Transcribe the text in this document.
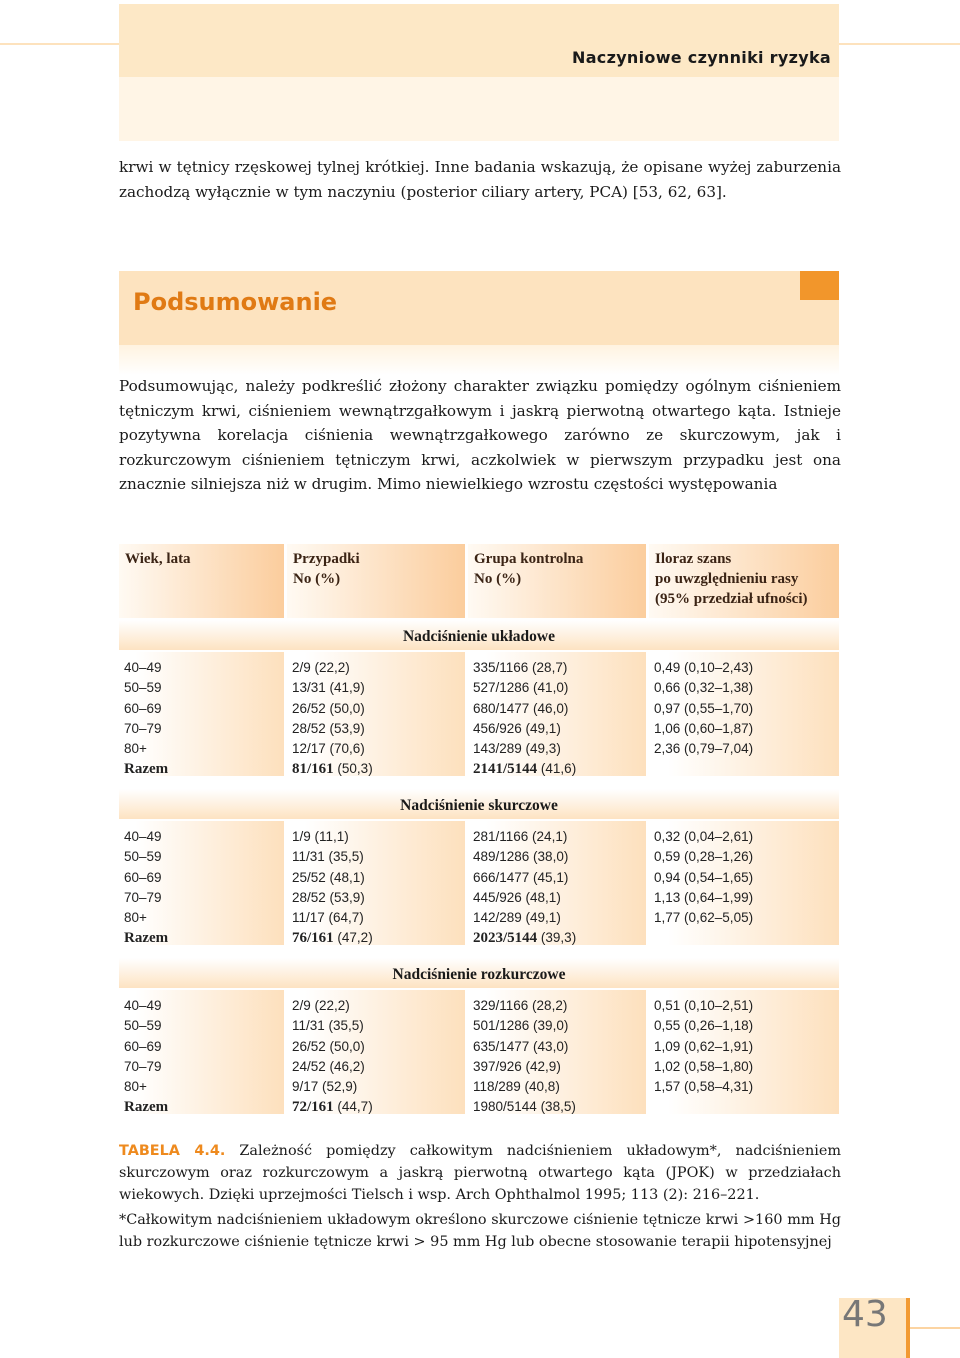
Naczyniowe czynniki ryzyka
krwi w tętnicy rzęskowej tylnej krótkiej. Inne badania wskazują, że opisane wyżej zaburzenia zachodzą wyłącznie w tym naczyniu (posterior ciliary artery, PCA) [53, 62, 63].
Podsumowanie
Podsumowując, należy podkreślić złożony charakter związku pomiędzy ogólnym ciśnieniem tętniczym krwi, ciśnieniem wewnątrzgałkowym i jaskrą pierwotną otwartego kąta. Istnieje pozytywna korelacja ciśnienia wewnątrzgałkowego zarówno ze skurczowym, jak i rozkurczowym ciśnieniem tętniczym krwi, aczkolwiek w pierwszym przypadku jest ona znacznie silniejsza niż w drugim. Mimo niewielkiego wzrostu częstości występowania
Wiek, lata	Przypadki
No (%)
Grupa kontrolna
No (%)
Iloraz szans
po uwzględnieniu rasy
(95% przedział ufności)
Nadciśnienie układowe
40–49
50–59
60–69
70–79
80+
Razem
2/9 (22,2)
13/31 (41,9)
26/52 (50,0)
28/52 (53,9)
12/17 (70,6)
81/161 (50,3)
335/1166 (28,7)
527/1286 (41,0)
680/1477 (46,0)
456/926 (49,1)
143/289 (49,3)
2141/5144 (41,6)
0,49 (0,10–2,43)
0,66 (0,32–1,38)
0,97 (0,55–1,70)
1,06 (0,60–1,87)
2,36 (0,79–7,04)
Nadciśnienie skurczowe
40–49
50–59
60–69
70–79
80+
Razem
1/9 (11,1)
11/31 (35,5)
25/52 (48,1)
28/52 (53,9)
11/17 (64,7)
76/161 (47,2)
281/1166 (24,1)
489/1286 (38,0)
666/1477 (45,1)
445/926 (48,1)
142/289 (49,1)
2023/5144 (39,3)
0,32 (0,04–2,61)
0,59 (0,28–1,26)
0,94 (0,54–1,65)
1,13 (0,64–1,99)
1,77 (0,62–5,05)
Nadciśnienie rozkurczowe
40–49
50–59
60–69
70–79
80+
Razem
2/9 (22,2)
11/31 (35,5)
26/52 (50,0)
24/52 (46,2)
9/17 (52,9)
72/161 (44,7)
329/1166 (28,2)
501/1286 (39,0)
635/1477 (43,0)
397/926 (42,9)
118/289 (40,8)
1980/5144 (38,5)
0,51 (0,10–2,51)
0,55 (0,26–1,18)
1,09 (0,62–1,91)
1,02 (0,58–1,80)
1,57 (0,58–4,31)
TABELA 4.4. Zależność pomiędzy całkowitym nadciśnieniem układowym*, nadciśnieniem skurczowym oraz rozkurczowym a jaskrą pierwotną otwartego kąta (JPOK) w przedziałach wiekowych. Dzięki uprzejmości Tielsch i wsp. Arch Ophthalmol 1995; 113 (2): 216–221.
*Całkowitym nadciśnieniem układowym określono skurczowe ciśnienie tętnicze krwi >160 mm Hg lub rozkurczowe ciśnienie tętnicze krwi > 95 mm Hg lub obecne stosowanie terapii hipotensyjnej
43
